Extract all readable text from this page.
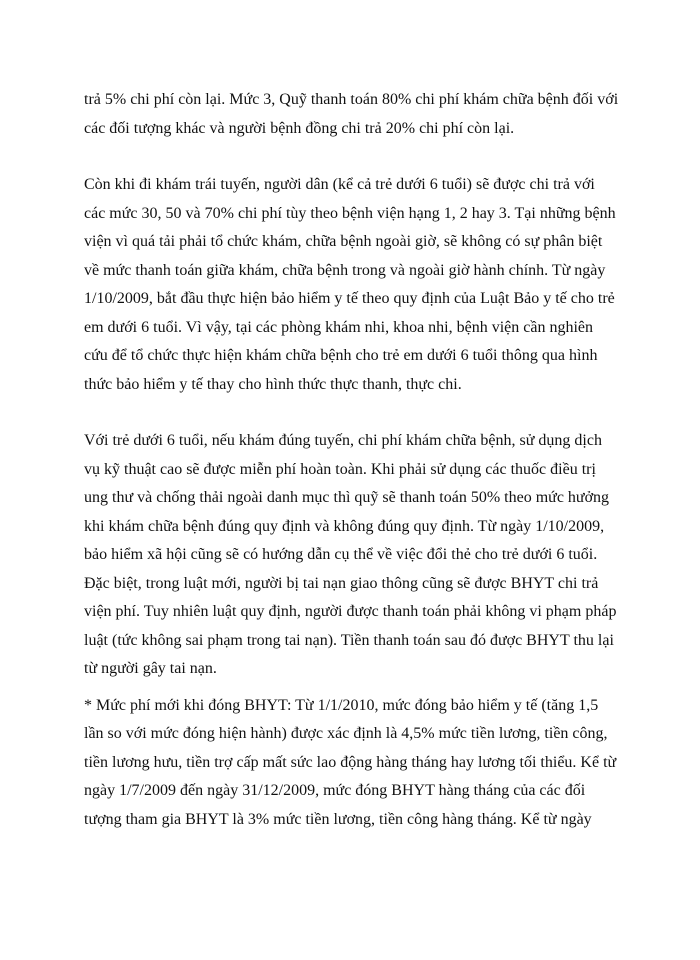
trả 5% chi phí còn lại. Mức 3, Quỹ thanh toán 80% chi phí khám chữa bệnh đối với
các đối tượng khác và người bệnh đồng chi trả 20% chi phí còn lại.
Còn khi đi khám trái tuyến, người dân (kể cả trẻ dưới 6 tuổi) sẽ được chi trả với
các mức 30, 50 và 70% chi phí tùy theo bệnh viện hạng 1, 2 hay 3. Tại những bệnh
viện vì quá tải phải tổ chức khám, chữa bệnh ngoài giờ, sẽ không có sự phân biệt
về mức thanh toán giữa khám, chữa bệnh trong và ngoài giờ hành chính. Từ ngày
1/10/2009, bắt đầu thực hiện bảo hiểm y tế theo quy định của Luật Bảo y tế cho trẻ
em dưới 6 tuổi. Vì vậy, tại các phòng khám nhi, khoa nhi, bệnh viện cần nghiên
cứu để tổ chức thực hiện khám chữa bệnh cho trẻ em dưới 6 tuổi thông qua hình
thức bảo hiểm y tế thay cho hình thức thực thanh, thực chi.
Với trẻ dưới 6 tuổi, nếu khám đúng tuyến, chi phí khám chữa bệnh, sử dụng dịch
vụ kỹ thuật cao sẽ được miễn phí hoàn toàn. Khi phải sử dụng các thuốc điều trị
ung thư và chống thải ngoài danh mục thì quỹ sẽ thanh toán 50% theo mức hưởng
khi khám chữa bệnh đúng quy định và không đúng quy định. Từ ngày 1/10/2009,
bảo hiểm xã hội cũng sẽ có hướng dẫn cụ thể về việc đổi thẻ cho trẻ dưới 6 tuổi.
Đặc biệt, trong luật mới, người bị tai nạn giao thông cũng sẽ được BHYT chi trả
viện phí. Tuy nhiên luật quy định, người được thanh toán phải không vi phạm pháp
luật (tức không sai phạm trong tai nạn). Tiền thanh toán sau đó được BHYT thu lại
từ người gây tai nạn.
* Mức phí mới khi đóng BHYT: Từ 1/1/2010, mức đóng bảo hiểm y tế (tăng 1,5
lần so với mức đóng hiện hành) được xác định là 4,5% mức tiền lương, tiền công,
tiền lương hưu, tiền trợ cấp mất sức lao động hàng tháng hay lương tối thiểu. Kể từ
ngày 1/7/2009 đến ngày 31/12/2009, mức đóng BHYT hàng tháng của các đối
tượng tham gia BHYT là 3% mức tiền lương, tiền công hàng tháng. Kể từ ngày
